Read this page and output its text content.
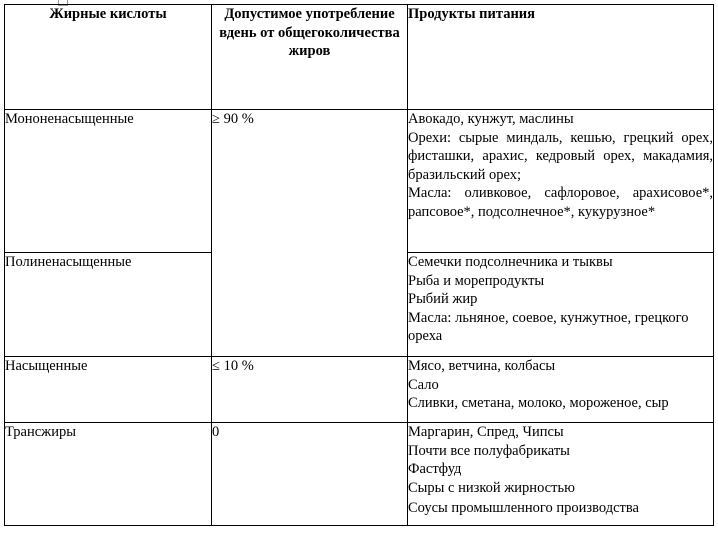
Жирные кислоты	Допустимое употребление вдень от общегоколичества жиров	Продукты питания
Мононенасыщенные	≥ 90 %	Авокадо, кунжут, маслины
Орехи: сырые миндаль, кешью, грецкий орех, фисташки, арахис, кедровый орех, макадамия, бразильский орех;
Масла: оливковое, сафлоровое, арахисовое*, рапсовое*, подсолнечное*, кукурузное*

Полиненасыщенные		Семечки подсолнечника и тыквы
Рыба и морепродукты
Рыбий жир
Масла: льняное, соевое, кунжутное, грецкого ореха

Насыщенные	≤ 10 %	Мясо, ветчина, колбасы
Сало
Сливки, сметана, молоко, мороженое, сыр

Трансжиры	0	Маргарин, Спред, Чипсы
Почти все полуфабрикаты
Фастфуд
Сыры с низкой жирностью
Соусы промышленного производства
